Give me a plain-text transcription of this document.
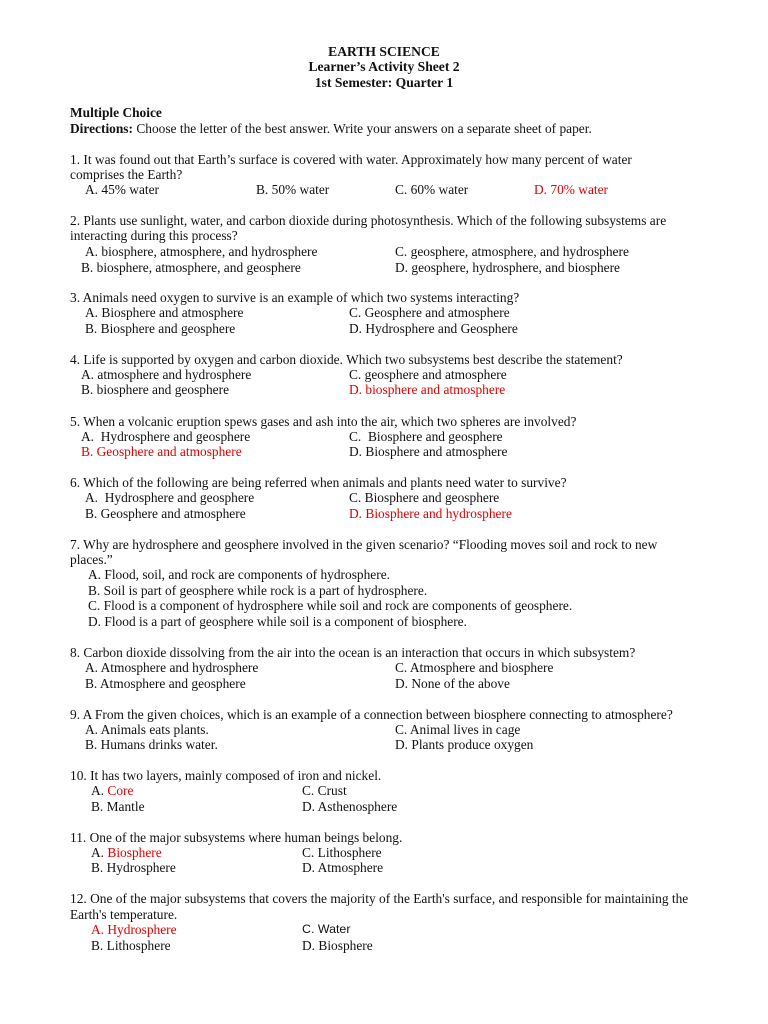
EARTH SCIENCE
Learner’s Activity Sheet 2
1st Semester: Quarter 1
Multiple Choice
Directions: Choose the letter of the best answer. Write your answers on a separate sheet of paper.
1. It was found out that Earth’s surface is covered with water. Approximately how many percent of water
comprises the Earth?
A. 45% water	B. 50% water	C. 60% water	D. 70% water
2. Plants use sunlight, water, and carbon dioxide during photosynthesis. Which of the following subsystems are
interacting during this process?
A. biosphere, atmosphere, and hydrosphere	C. geosphere, atmosphere, and hydrosphere
B. biosphere, atmosphere, and geosphere	D. geosphere, hydrosphere, and biosphere
3. Animals need oxygen to survive is an example of which two systems interacting?
A. Biosphere and atmosphere	C. Geosphere and atmosphere
B. Biosphere and geosphere	D. Hydrosphere and Geosphere
4. Life is supported by oxygen and carbon dioxide. Which two subsystems best describe the statement?
A. atmosphere and hydrosphere	C. geosphere and atmosphere
B. biosphere and geosphere	D. biosphere and atmosphere
5. When a volcanic eruption spews gases and ash into the air, which two spheres are involved?
A. Hydrosphere and geosphere	C. Biosphere and geosphere
B. Geosphere and atmosphere	D. Biosphere and atmosphere
6. Which of the following are being referred when animals and plants need water to survive?
A. Hydrosphere and geosphere	C. Biosphere and geosphere
B. Geosphere and atmosphere	D. Biosphere and hydrosphere
7. Why are hydrosphere and geosphere involved in the given scenario? “Flooding moves soil and rock to new
places.”
A. Flood, soil, and rock are components of hydrosphere.
B. Soil is part of geosphere while rock is a part of hydrosphere.
C. Flood is a component of hydrosphere while soil and rock are components of geosphere.
D. Flood is a part of geosphere while soil is a component of biosphere.
8. Carbon dioxide dissolving from the air into the ocean is an interaction that occurs in which subsystem?
A. Atmosphere and hydrosphere	C. Atmosphere and biosphere
B. Atmosphere and geosphere	D. None of the above
9. A From the given choices, which is an example of a connection between biosphere connecting to atmosphere?
A. Animals eats plants.	C. Animal lives in cage
B. Humans drinks water.	D. Plants produce oxygen
10. It has two layers, mainly composed of iron and nickel.
A. Core	C. Crust
B. Mantle	D. Asthenosphere
11. One of the major subsystems where human beings belong.
A. Biosphere	C. Lithosphere
B. Hydrosphere	D. Atmosphere
12. One of the major subsystems that covers the majority of the Earth's surface, and responsible for maintaining the
Earth's temperature.
A. Hydrosphere	C. Water
B. Lithosphere	D. Biosphere
